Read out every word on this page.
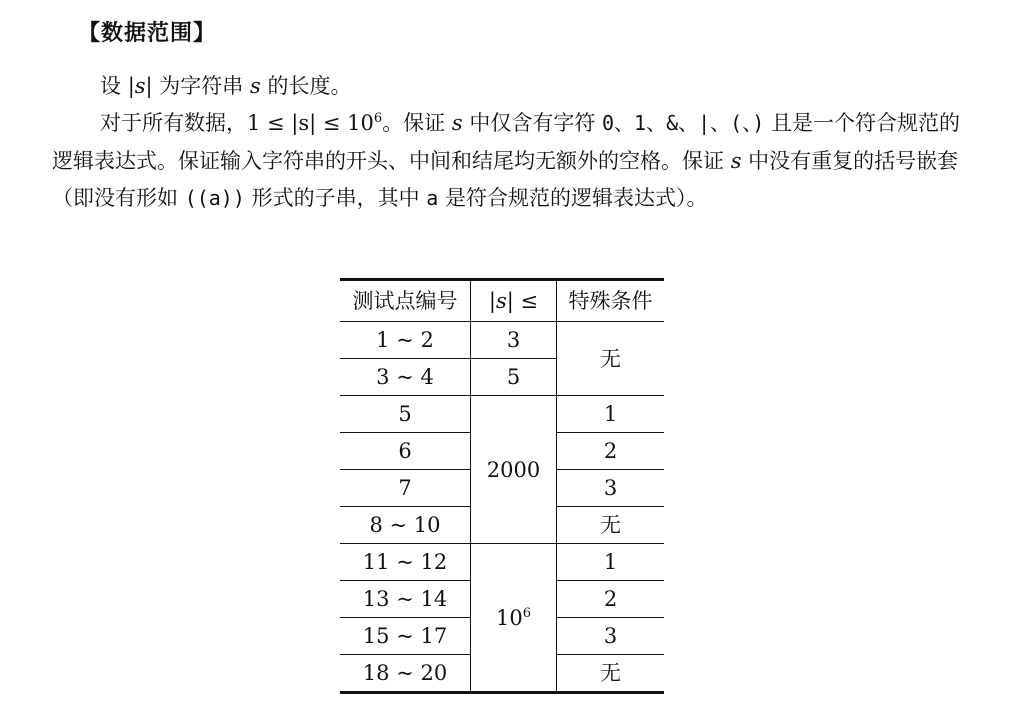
【数据范围】
设 |s| 为字符串 s 的长度。
对于所有数据，$1 \le |s| \le 10^6$。保证 s 中仅含有字符 0、1、&、|、(、) 且是一个符合规范的逻辑表达式。保证输入字符串的开头、中间和结尾均无额外的空格。保证 s 中没有重复的括号嵌套（即没有形如 ((a)) 形式的子串，其中 a 是符合规范的逻辑表达式）。
测试点编号	|s| ≤	特殊条件
1 ~ 2	3	无
3 ~ 4	5	
5	2000	1
6		2
7		3
8 ~ 10		无
11 ~ 12	$10^6$	1
13 ~ 14		2
15 ~ 17		3
18 ~ 20		无
